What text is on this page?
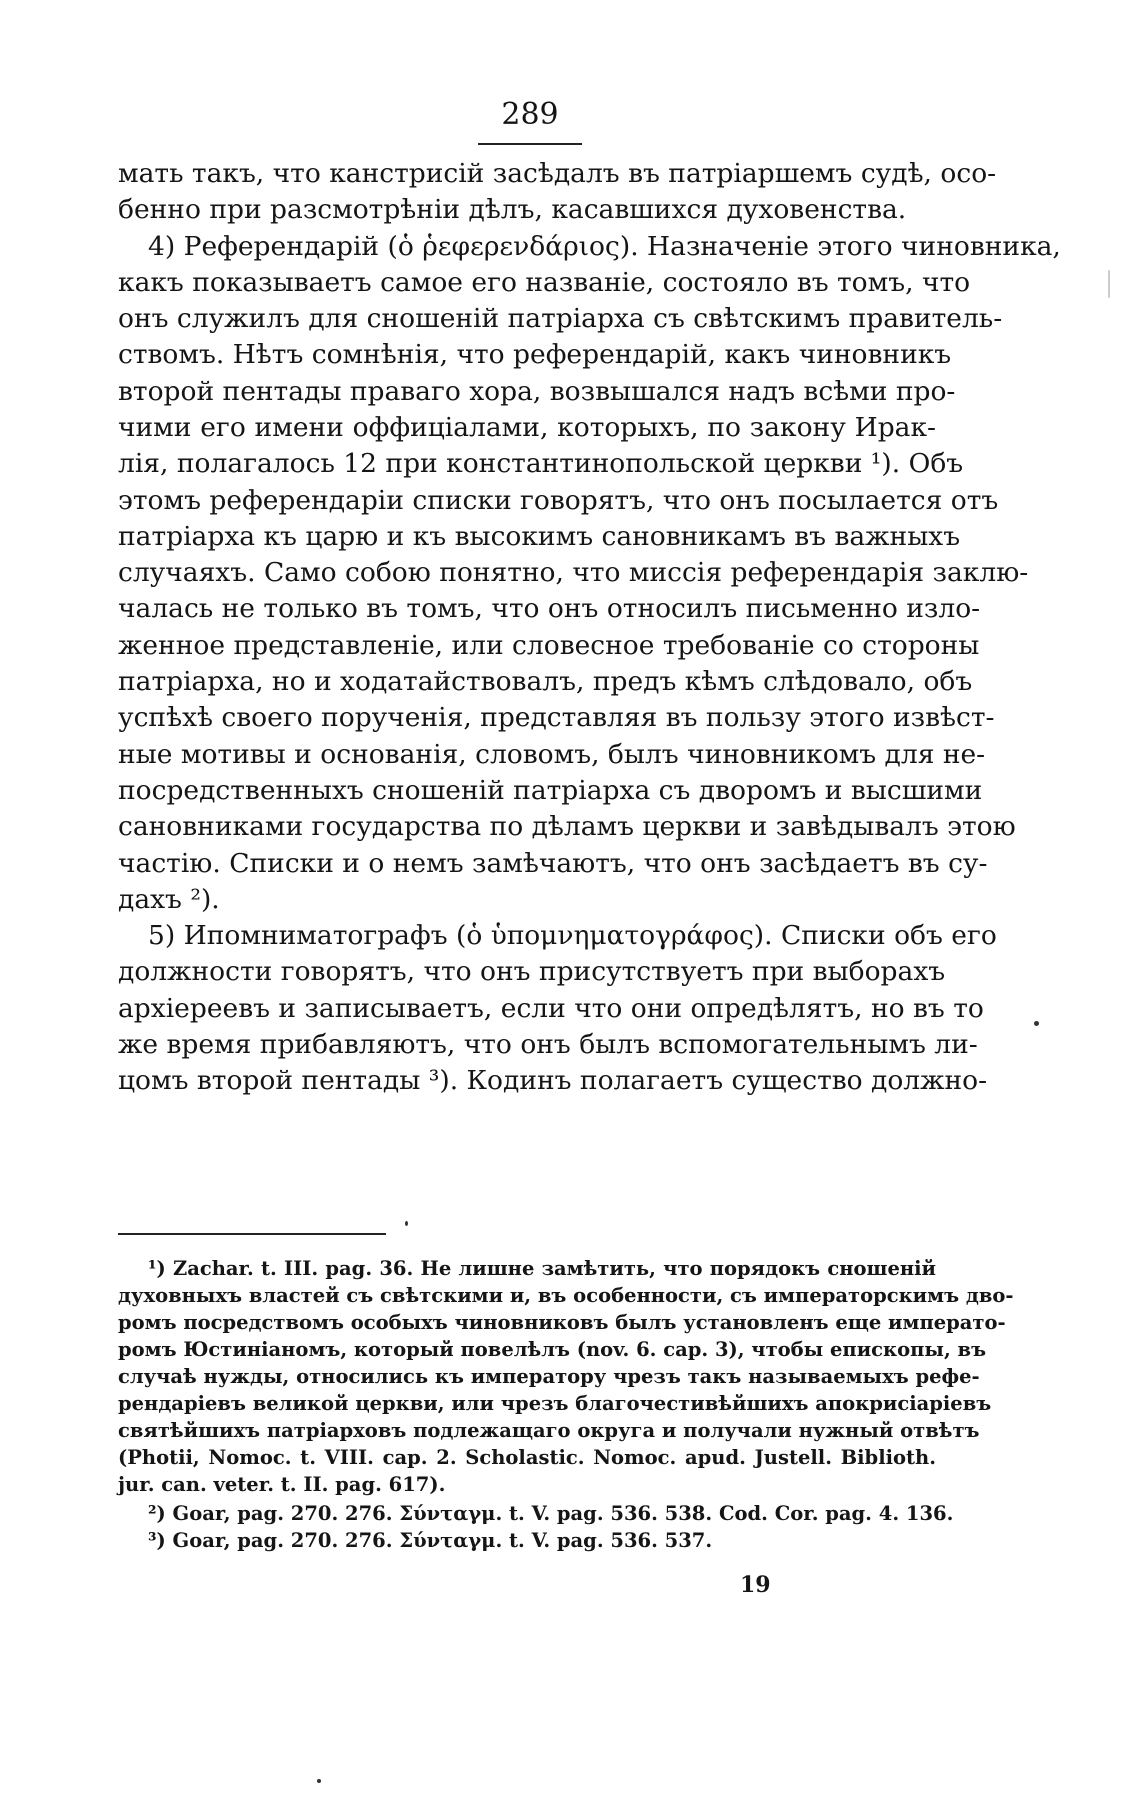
289
мать такъ, что канстрисій засѣдалъ въ патріаршемъ судѣ, осо-
бенно при разсмотрѣніи дѣлъ, касавшихся духовенства.
4) Референдарій (ὁ ῥεφερενδάριος). Назначеніе этого чиновника,
какъ показываетъ самое его названіе, состояло въ томъ, что
онъ служилъ для сношеній патріарха съ свѣтскимъ правитель-
ствомъ. Нѣтъ сомнѣнія, что референдарій, какъ чиновникъ
второй пентады праваго хора, возвышался надъ всѣми про-
чими его имени оффиціалами, которыхъ, по закону Ирак-
лія, полагалось 12 при константинопольской церкви ¹). Объ
этомъ референдаріи списки говорятъ, что онъ посылается отъ
патріарха къ царю и къ высокимъ сановникамъ въ важныхъ
случаяхъ. Само собою понятно, что миссія референдарія заклю-
чалась не только въ томъ, что онъ относилъ письменно изло-
женное представленіе, или словесное требованіе со стороны
патріарха, но и ходатайствовалъ, предъ кѣмъ слѣдовало, объ
успѣхѣ своего порученія, представляя въ пользу этого извѣст-
ные мотивы и основанія, словомъ, былъ чиновникомъ для не-
посредственныхъ сношеній патріарха съ дворомъ и высшими
сановниками государства по дѣламъ церкви и завѣдывалъ этою
частію. Списки и о немъ замѣчаютъ, что онъ засѣдаетъ въ су-
дахъ ²).
5) Ипомниматографъ (ὁ ὑπομνηματογράφος). Списки объ его
должности говорятъ, что онъ присутствуетъ при выборахъ
архіереевъ и записываетъ, если что они опредѣлятъ, но въ то
же время прибавляютъ, что онъ былъ вспомогательнымъ ли-
цомъ второй пентады ³). Кодинъ полагаетъ существо должно-
¹) Zachar. t. III. pag. 36. Не лишне замѣтить, что порядокъ сношеній
духовныхъ властей съ свѣтскими и, въ особенности, съ императорскимъ дво-
ромъ посредствомъ особыхъ чиновниковъ былъ установленъ еще императо-
ромъ Юстиніаномъ, который повелѣлъ (nov. 6. cap. 3), чтобы епископы, въ
случаѣ нужды, относились къ императору чрезъ такъ называемыхъ рефе-
рендаріевъ великой церкви, или чрезъ благочестивѣйшихъ апокрисіаріевъ
святѣйшихъ патріарховъ подлежащаго округа и получали нужный отвѣтъ
(Photii, Nomoc. t. VIII. cap. 2. Scholastic. Nomoc. apud. Justell. Biblioth.
jur. can. veter. t. II. pag. 617).
²) Goar, pag. 270. 276. Σύνταγμ. t. V. pag. 536. 538. Cod. Cor. pag. 4. 136.
³) Goar, pag. 270. 276. Σύνταγμ. t. V. pag. 536. 537.
19
